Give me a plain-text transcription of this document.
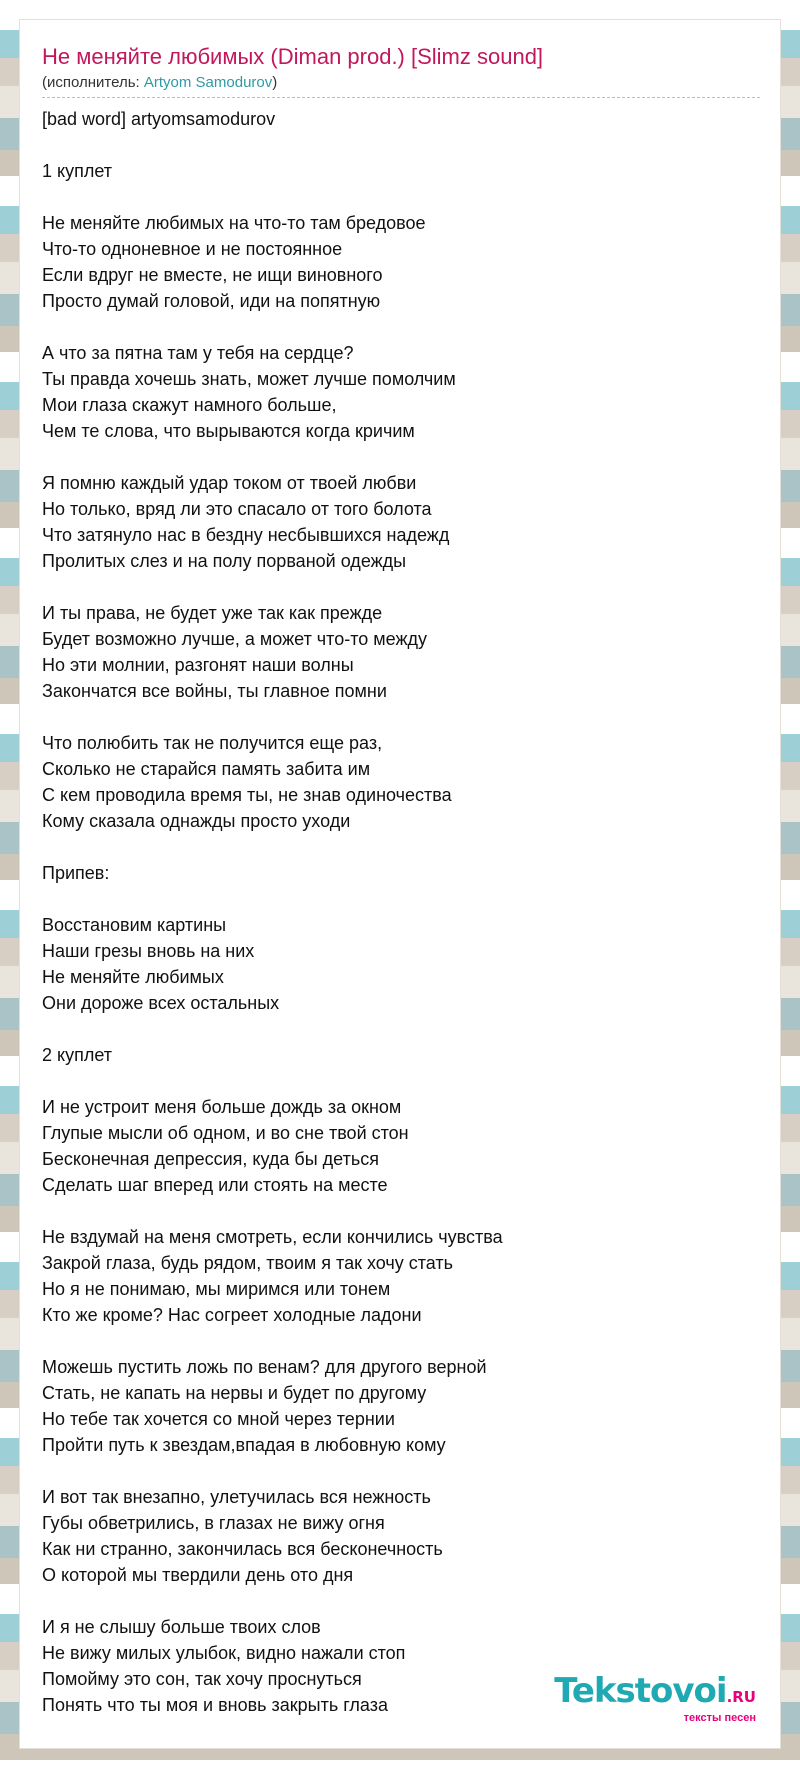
Не меняйте любимых (Diman prod.) [Slimz sound]
(исполнитель: Artyom Samodurov)
[bad word] artyomsamodurov
1 куплет
Не меняйте любимых на что-то там бредовое
Что-то одноневное и не постоянное
Если вдруг не вместе, не ищи виновного
Просто думай головой, иди на попятную
А что за пятна там у тебя на сердце?
Ты правда хочешь знать, может лучше помолчим
Мои глаза скажут намного больше,
Чем те слова, что вырываются когда кричим
Я помню каждый удар током от твоей любви
Но только, вряд ли это спасало от того болота
Что затянуло нас в бездну несбывшихся надежд
Пролитых слез и на полу порваной одежды
И ты права, не будет уже так как прежде
Будет возможно лучше, а может что-то между
Но эти молнии, разгонят наши волны
Закончатся все войны, ты главное помни
Что полюбить так не получится еще раз,
Сколько не старайся память забита им
С кем проводила время ты, не знав одиночества
Кому сказала однажды просто уходи
Припев:
Восстановим картины
Наши грезы вновь на них
Не меняйте любимых
Они дороже всех остальных
2 куплет
И не устроит меня больше дождь за окном
Глупые мысли об одном, и во сне твой стон
Бесконечная депрессия, куда бы деться
Сделать шаг вперед или стоять на месте
Не вздумай на меня смотреть, если кончились чувства
Закрой глаза, будь рядом, твоим я так хочу стать
Но я не понимаю, мы миримся или тонем
Кто же кроме? Нас согреет холодные ладони
Можешь пустить ложь по венам? для другого верной
Стать, не капать на нервы и будет по другому
Но тебе так хочется со мной через тернии
Пройти путь к звездам,впадая в любовную кому
И вот так внезапно, улетучилась вся нежность
Губы обветрились, в глазах не вижу огня
Как ни странно, закончилась вся бесконечность
О которой мы твердили день ото дня
И я не слышу больше твоих слов
Не вижу милых улыбок, видно нажали стоп
Помойму это сон, так хочу проснуться
Понять что ты моя и вновь закрыть глаза	Tekstovoi.RU
тексты песен
